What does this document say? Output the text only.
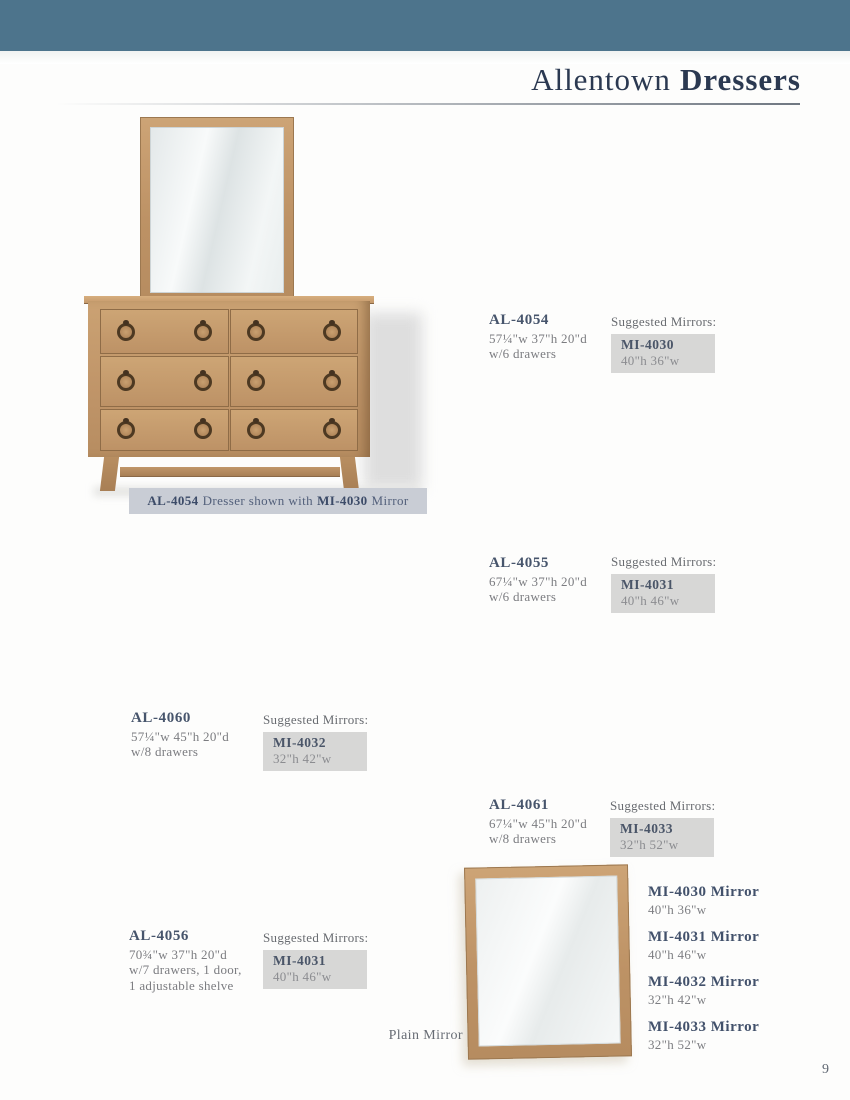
Allentown Dressers
AL-4054 Dresser shown with MI-4030 Mirror
AL-4054
57¼"w 37"h 20"d
w/6 drawers
Suggested Mirrors:
MI-4030
40"h 36"w
AL-4055
67¼"w 37"h 20"d
w/6 drawers
Suggested Mirrors:
MI-4031
40"h 46"w
AL-4060
57¼"w 45"h 20"d
w/8 drawers
Suggested Mirrors:
MI-4032
32"h 42"w
AL-4061
67¼"w 45"h 20"d
w/8 drawers
Suggested Mirrors:
MI-4033
32"h 52"w
AL-4056
70¾"w 37"h 20"d
w/7 drawers, 1 door,
1 adjustable shelve
Suggested Mirrors:
MI-4031
40"h 46"w
Plain Mirror
MI-4030 Mirror
40"h 36"w
MI-4031 Mirror
40"h 46"w
MI-4032 Mirror
32"h 42"w
MI-4033 Mirror
32"h 52"w
9
